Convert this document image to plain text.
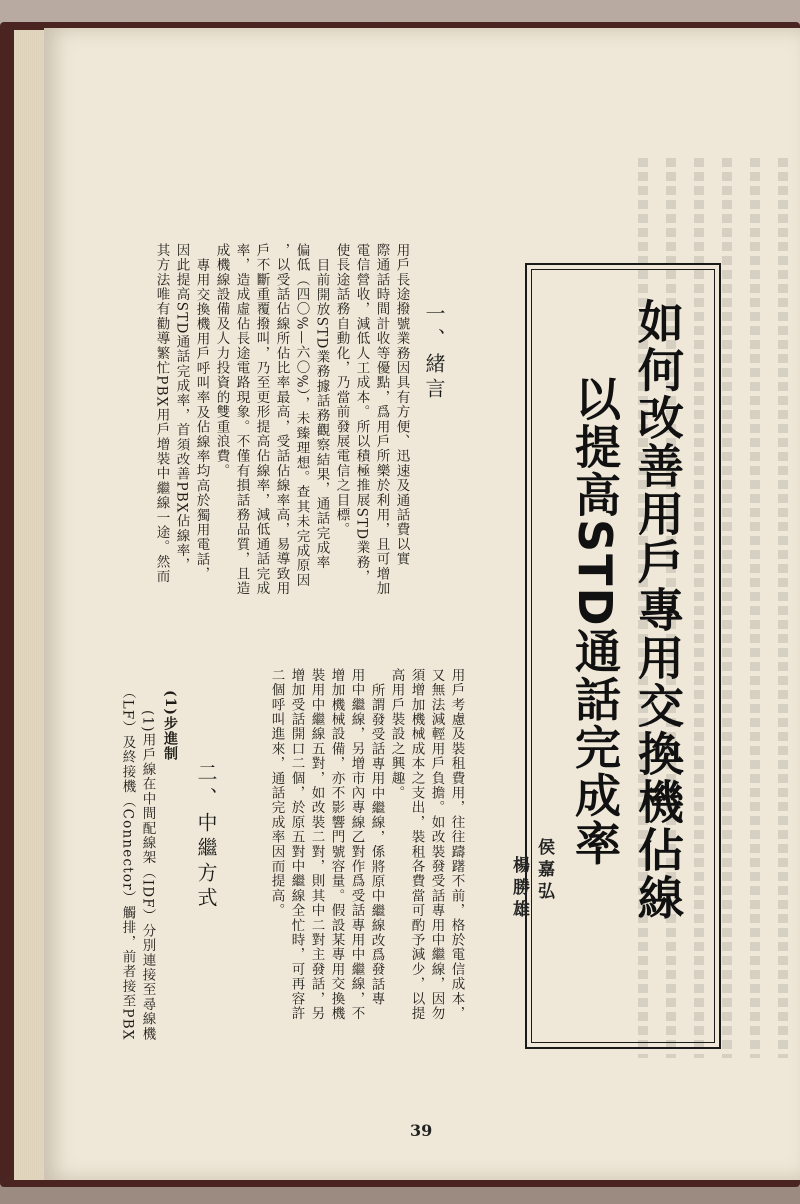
如何改善用戶專用交換機佔線
以提高STD通話完成率
侯嘉弘
楊勝雄
一、緒言
用戶長途撥號業務因具有方便、迅速及通話費以實
際通話時間計收等優點，爲用戶所樂於利用，且可增加
電信營收，減低人工成本。所以積極推展STD業務，
使長途話務自動化，乃當前發展電信之目標。
目前開放STD業務據話務觀察結果，通話完成率
偏低（四〇%—六〇%），未臻理想。查其未完成原因
，以受話佔線所佔比率最高，受話佔線率高，易導致用
戶不斷重覆撥叫，乃至更形提高佔線率，減低通話完成
率，造成虛佔長途電路現象。不僅有損話務品質，且造
成機線設備及人力投資的雙重浪費。
專用交換機用戶呼叫率及佔線率均高於獨用電話，
因此提高STD通話完成率，首須改善PBX佔線率，
其方法唯有勸導繁忙PBX用戶增裝中繼線一途。然而
用戶考慮及裝租費用，往往躊躇不前，格於電信成本，
又無法減輕用戶負擔。如改裝發受話專用中繼線，因勿
須增加機械成本之支出，裝租各費當可酌予減少，以提
高用戶裝設之興趣。
所謂發受話專用中繼線，係將原中繼線改爲發話專
用中繼線，另增市內專線乙對作爲受話專用中繼線，不
增加機械設備，亦不影響門號容量。假設某專用交換機
裝用中繼線五對，如改裝二對，則其中二對主發話，另
增加受話開口二個，於原五對中繼線全忙時，可再容許
二個呼叫進來，通話完成率因而提高。
二、中繼方式
(1)步進制
(1)用戶線在中間配線架（IDF）分別連接至尋線機
（LF）及終接機（Connector）觸排，前者接至PBX
39
